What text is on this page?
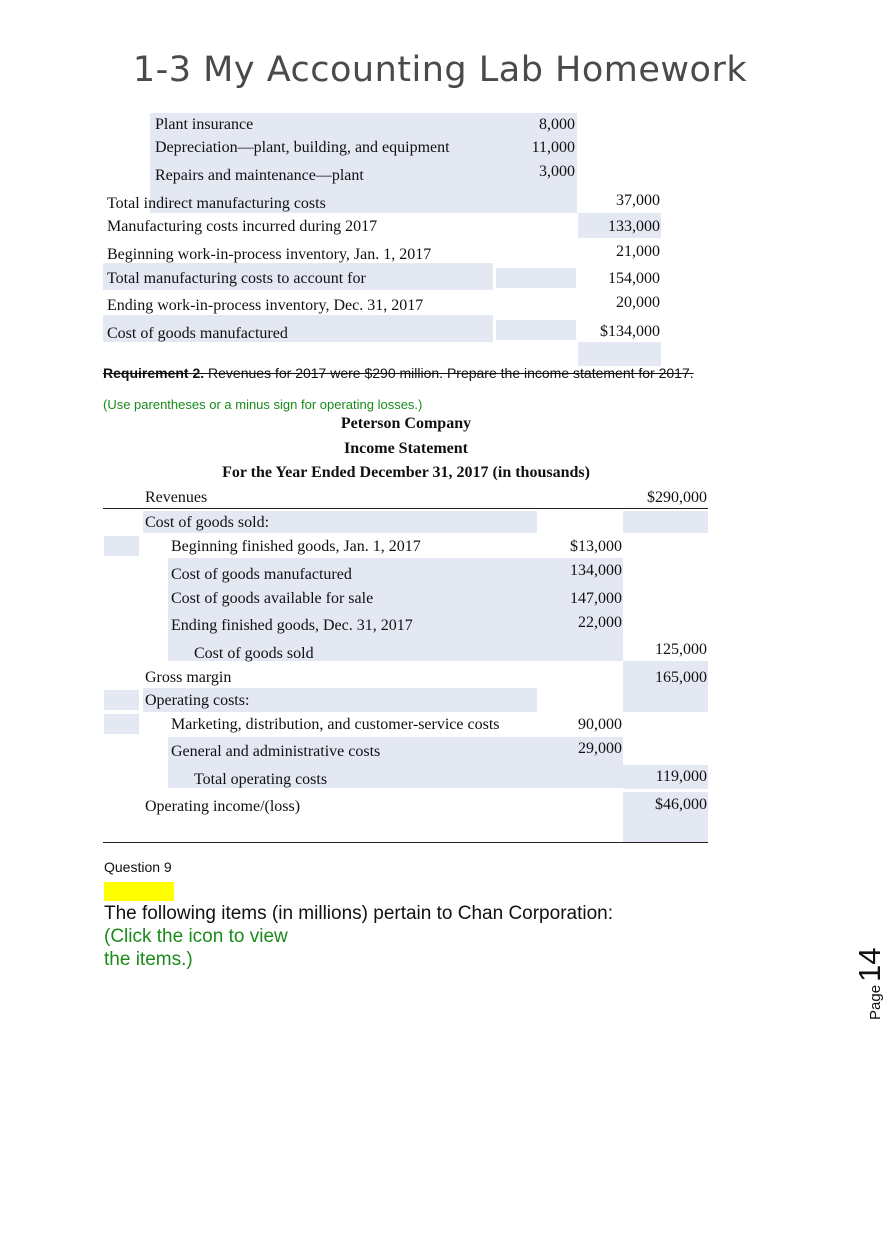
1-3 My Accounting Lab Homework
Plant insurance	8,000
Depreciation—plant, building, and equipment	11,000
Repairs and maintenance—plant	3,000
Total indirect manufacturing costs	37,000
Manufacturing costs incurred during 2017	133,000
Beginning work-in-process inventory, Jan. 1, 2017	21,000
Total manufacturing costs to account for	154,000
Ending work-in-process inventory, Dec. 31, 2017	20,000
Cost of goods manufactured	$134,000
Requirement 2. Revenues for 2017 were $290 million. Prepare the income statement for 2017.
(Use parentheses or a minus sign for operating losses.)
Peterson Company
Income Statement
For the Year Ended December 31, 2017 (in thousands)
Revenues	$290,000
Cost of goods sold:
Beginning finished goods, Jan. 1, 2017	$13,000
Cost of goods manufactured	134,000
Cost of goods available for sale	147,000
Ending finished goods, Dec. 31, 2017	22,000
Cost of goods sold	125,000
Gross margin	165,000
Operating costs:
Marketing, distribution, and customer-service costs	90,000
General and administrative costs	29,000
Total operating costs	119,000
Operating income/(loss)	$46,000
Question 9
The following items (in millions) pertain to Chan Corporation:
(Click the icon to view
the items.)
Page14
